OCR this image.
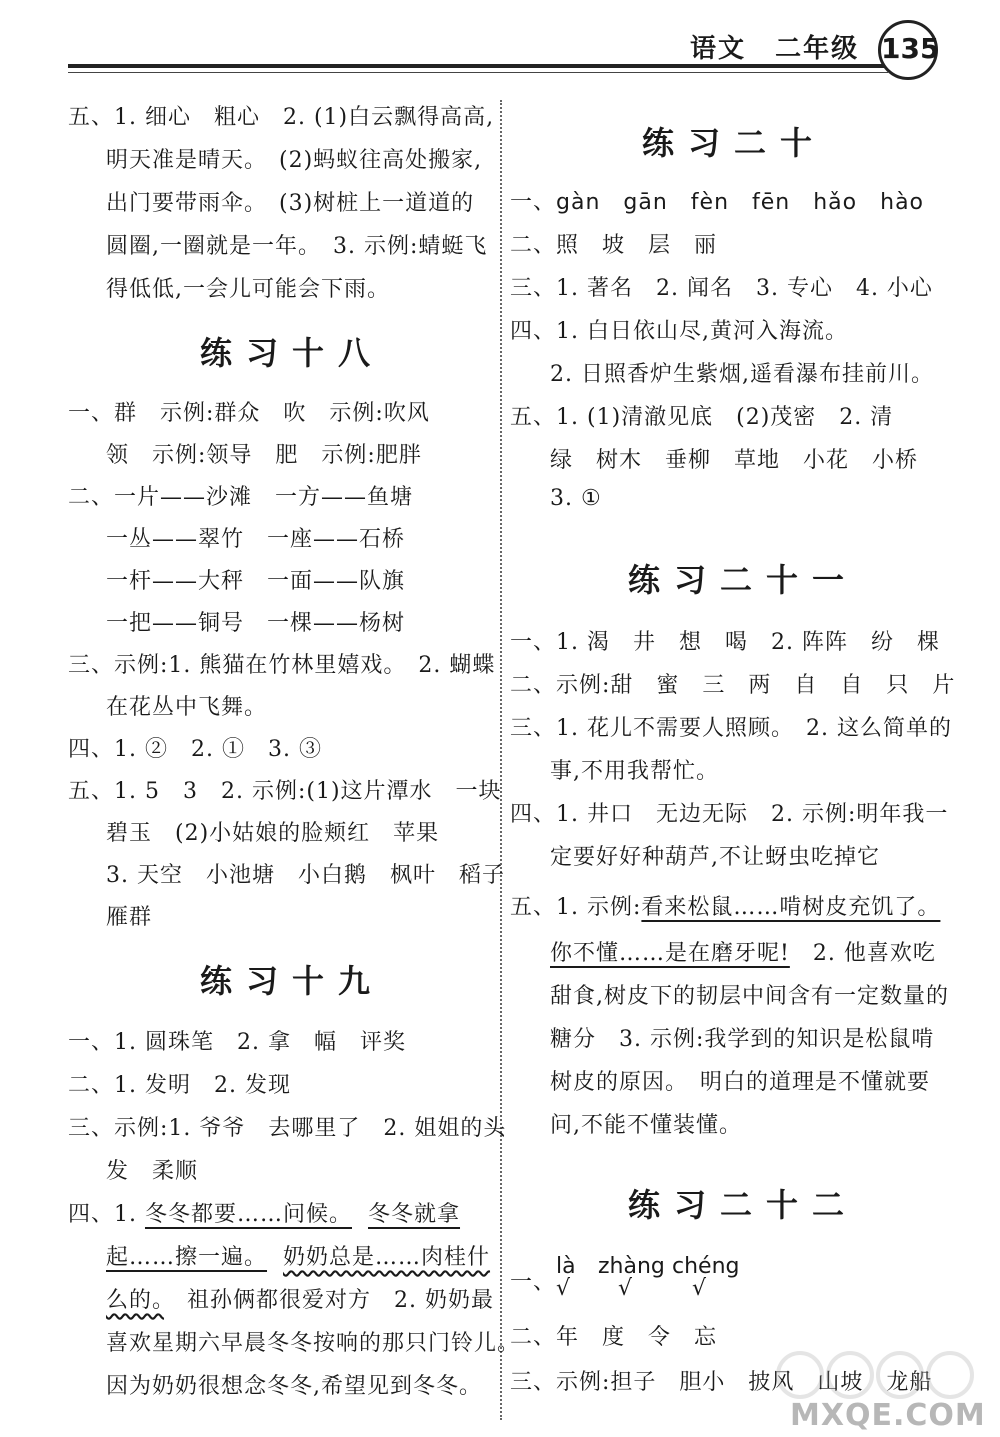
语文 二年级 135
五、1. 细心　粗心　2. (1)白云飘得高高,
明天准是晴天。　(2)蚂蚁往高处搬家,
出门要带雨伞。　(3)树桩上一道道的
圆圈,一圈就是一年。　3. 示例:蜻蜓飞
得低低,一会儿可能会下雨。
练习十八
一、群　示例:群众　吹　示例:吹风
领　示例:领导　肥　示例:肥胖
二、一片——沙滩　一方——鱼塘
一丛——翠竹　一座——石桥
一杆——大秤　一面——队旗
一把——铜号　一棵——杨树
三、示例:1. 熊猫在竹林里嬉戏。　2. 蝴蝶
在花丛中飞舞。
四、1. ②　2. ①　3. ③
五、1. 5　3　2. 示例:(1)这片潭水　一块
碧玉　(2)小姑娘的脸颊红　苹果
3. 天空　小池塘　小白鹅　枫叶　稻子
雁群
练习十九
一、1. 圆珠笔　2. 拿　幅　评奖
二、1. 发明　2. 发现
三、示例:1. 爷爷　去哪里了　2. 姐姐的头
发　柔顺
四、1. 冬冬都要……问候。 冬冬就拿
起……擦一遍。 奶奶总是……肉桂什
么的。　祖孙俩都很爱对方　2. 奶奶最
喜欢星期六早晨冬冬按响的那只门铃儿。
因为奶奶很想念冬冬,希望见到冬冬。
练习二十
一、gàn　gān　fèn　fēn　hǎo　hào
二、照　坡　层　丽
三、1. 著名　2. 闻名　3. 专心　4. 小心
四、1. 白日依山尽,黄河入海流。
2. 日照香炉生紫烟,遥看瀑布挂前川。
五、1. (1)清澈见底　(2)茂密　2. 清
绿　树木　垂柳　草地　小花　小桥
3. ①
练习二十一
一、1. 渴　井　想　喝　2. 阵阵　纷　棵
二、示例:甜　蜜　三　两　自　自　只　片
三、1. 花儿不需要人照顾。　2. 这么简单的
事,不用我帮忙。
四、1. 井口　无边无际　2. 示例:明年我一
定要好好种葫芦,不让蚜虫吃掉它
五、1. 示例:看来松鼠……啃树皮充饥了。
你不懂……是在磨牙呢!　2. 他喜欢吃
甜食,树皮下的韧层中间含有一定数量的
糖分　3. 示例:我学到的知识是松鼠啃
树皮的原因。　明白的道理是不懂就要
问,不能不懂装懂。
练习二十二
一、
là zhàng chéng
√ √	√
二、年　度　令　忘
三、示例:担子　胆小　披风　山坡　龙船
MXQE.COM
